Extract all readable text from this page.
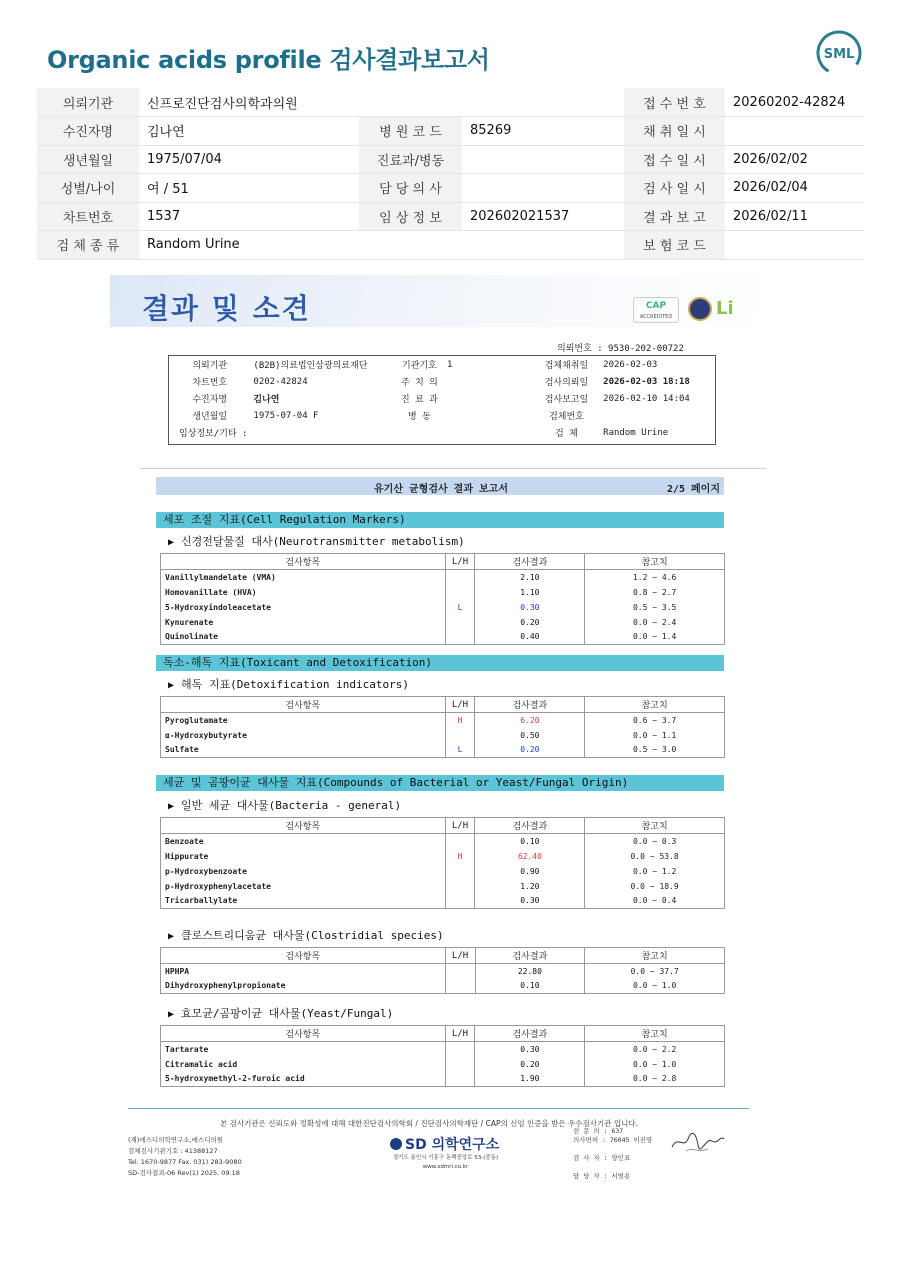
Organic acids profile 검사결과보고서	SML
의뢰기관	신프로진단검사의학과의원			접 수 번 호	20260202-42824
수진자명	김나연	병 원 코 드	85269	채 취 일 시	
생년월일	1975/07/04	진료과/병동		접 수 일 시	2026/02/02
성별/나이	여 / 51	담 당 의 사		검 사 일 시	2026/02/04
차트번호	1537	임 상 정 보	202602021537	결 과 보 고	2026/02/11
검 체 종 류	Random Urine			보 험 코 드	
결과 및 소견	CAP
ACCREDITED	Li
의뢰번호 : 9530-202-00722
의뢰기관	(B2B)의료법인삼광의료재단	기관기호	1	검체채취일	2026-02-03
차트번호	0202-42824	주 치 의		검사의뢰일	2026-02-03 18:18
수진자명	김나연	진 료 과		검사보고일	2026-02-10 14:04
생년월일	1975-07-04 F	병 동		검체번호	
임상정보/기타 :				검 체	Random Urine
유기산 균형검사 결과 보고서	2/5 페이지
세포 조절 지표(Cell Regulation Markers)
▶ 신경전달물질 대사(Neurotransmitter metabolism)
검사항목	L/H	검사결과	참고치
Vanillylmandelate (VMA)		2.10	1.2 ~ 4.6
Homovanillate (HVA)		1.10	0.8 ~ 2.7
5-Hydroxyindoleacetate	L	0.30	0.5 ~ 3.5
Kynurenate		0.20	0.0 ~ 2.4
Quinolinate		0.40	0.0 ~ 1.4
독소-해독 지표(Toxicant and Detoxification)
▶ 해독 지표(Detoxification indicators)
검사항목	L/H	검사결과	참고치
Pyroglutamate	H	6.20	0.6 ~ 3.7
α-Hydroxybutyrate		0.50	0.0 ~ 1.1
Sulfate	L	0.20	0.5 ~ 3.0
세균 및 곰팡이균 대사물 지표(Compounds of Bacterial or Yeast/Fungal Origin)
▶ 일반 세균 대사물(Bacteria - general)
검사항목	L/H	검사결과	참고치
Benzoate		0.10	0.0 ~ 0.3
Hippurate	H	62.40	0.0 ~ 53.8
p-Hydroxybenzoate		0.90	0.0 ~ 1.2
p-Hydroxyphenylacetate		1.20	0.0 ~ 18.9
Tricarballylate		0.30	0.0 ~ 0.4
▶ 클로스트리디움균 대사물(Clostridial species)
검사항목	L/H	검사결과	참고치
HPHPA		22.80	0.0 ~ 37.7
Dihydroxyphenylpropionate		0.10	0.0 ~ 1.0
▶ 효모균/곰팡이균 대사물(Yeast/Fungal)
검사항목	L/H	검사결과	참고치
Tartarate		0.30	0.0 ~ 2.2
Citramalic acid		0.20	0.0 ~ 1.0
5-hydroxymethyl-2-furoic acid		1.90	0.0 ~ 2.8
본 검사기관은 신뢰도와 정확성에 대해 대한진단검사의학회 / 진단검사의학재단 / CAP의 신임 인증을 받은 우수검사기관 입니다.
(재)에스디의학연구소,에스디의원
검체검사기관기호 : 41388127
Tel. 1670-9877 Fax. 031) 283-9080
SD-검사결과-06 Rev(1) 2025. 09.18
SD 의학연구소
경기도 용인시 기흥구 동백중앙로 53-(중동)
www.sdmri.co.kr
전 문 의 : 637
의사면허 : 76045 이진영

검 사 자 : 양인표

담 당 자 : 서범용
